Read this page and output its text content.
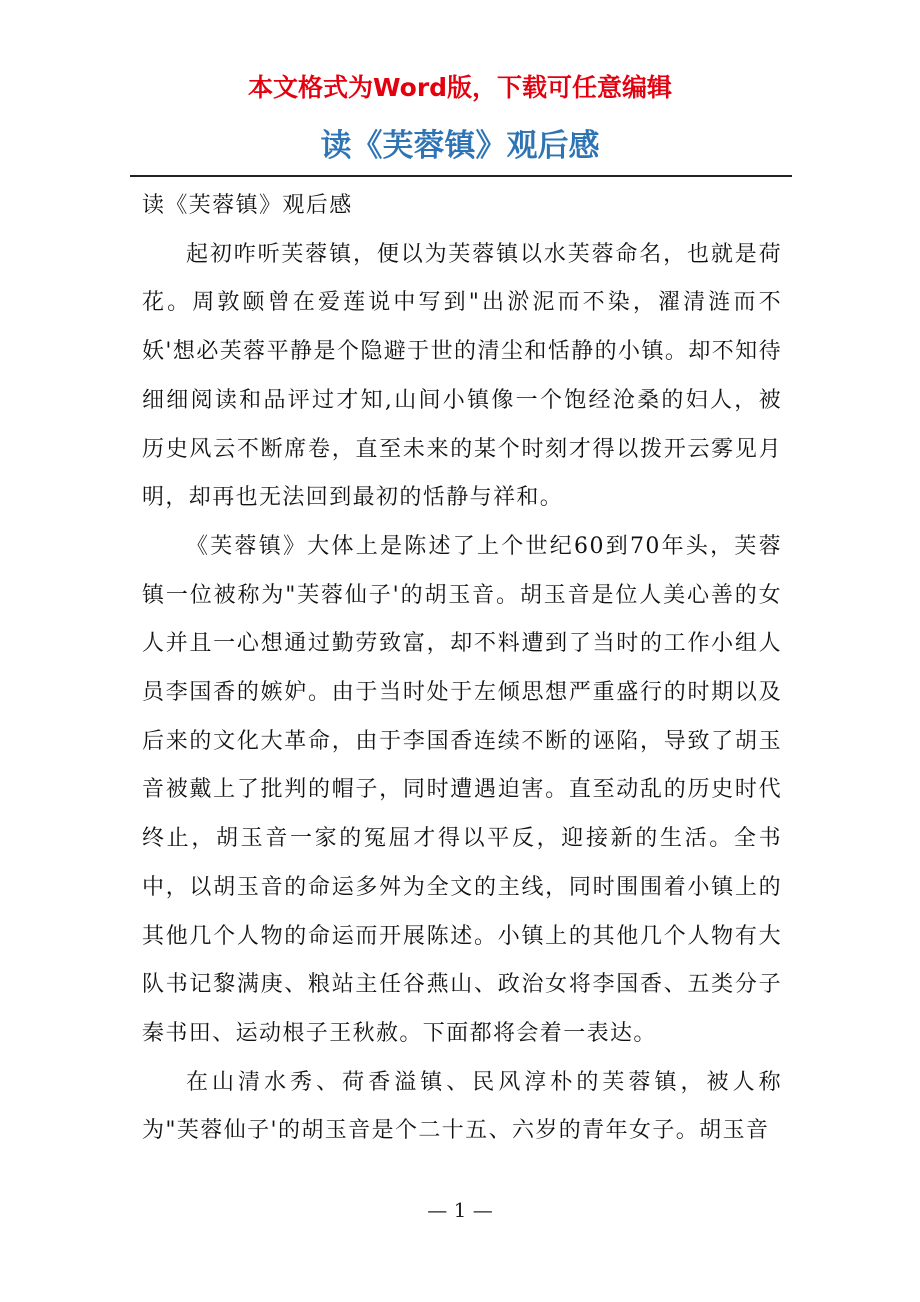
本文格式为Word版，下载可任意编辑
读《芙蓉镇》观后感

读《芙蓉镇》观后感

起初咋听芙蓉镇，便以为芙蓉镇以水芙蓉命名，也就是荷花。周敦颐曾在爱莲说中写到"出淤泥而不染，濯清涟而不妖'想必芙蓉平静是个隐避于世的清尘和恬静的小镇。却不知待细细阅读和品评过才知,山间小镇像一个饱经沧桑的妇人，被历史风云不断席卷，直至未来的某个时刻才得以拨开云雾见月明，却再也无法回到最初的恬静与祥和。

《芙蓉镇》大体上是陈述了上个世纪60到70年头，芙蓉镇一位被称为"芙蓉仙子'的胡玉音。胡玉音是位人美心善的女人并且一心想通过勤劳致富，却不料遭到了当时的工作小组人员李国香的嫉妒。由于当时处于左倾思想严重盛行的时期以及后来的文化大革命，由于李国香连续不断的诬陷，导致了胡玉音被戴上了批判的帽子，同时遭遇迫害。直至动乱的历史时代终止，胡玉音一家的冤屈才得以平反，迎接新的生活。全书中，以胡玉音的命运多舛为全文的主线，同时围围着小镇上的其他几个人物的命运而开展陈述。小镇上的其他几个人物有大队书记黎满庚、粮站主任谷燕山、政治女将李国香、五类分子秦书田、运动根子王秋赦。下面都将会着一表达。

在山清水秀、荷香溢镇、民风淳朴的芙蓉镇，被人称为"芙蓉仙子'的胡玉音是个二十五、六岁的青年女子。胡玉音

— 1 —
